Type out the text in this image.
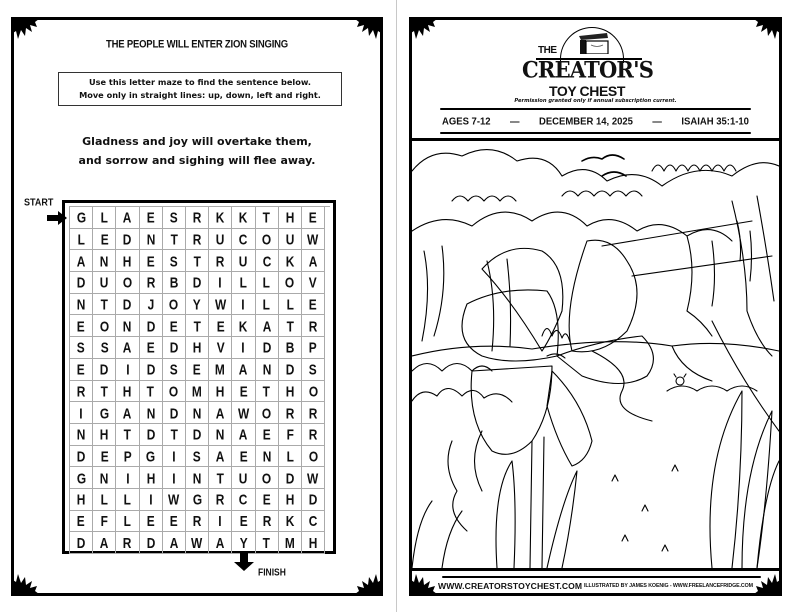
THE PEOPLE WILL ENTER ZION SINGING
Use this letter maze to find the sentence below.
Move only in straight lines: up, down, left and right.
Gladness and joy will overtake them,
and sorrow and sighing will flee away.
START
G L A E S R K K T H E
L E D N T R U C O U W
A N H E S T R U C K A
D U O R B D I L L O V
N T D J O Y W I L L E
E O N D E T E K A T R
S S A E D H V I D B P
E D I D S E M A N D S
R T H T O M H E T H O
I G A N D N A W O R R
N H T D T D N A E F R
D E P G I S A E N L O
G N I H I N T U O D W
H L L I W G R C E H D
E F L E E R I E R K C
D A R D A W A Y T M H
FINISH
THE
CREATOR'S
TOY CHEST
Permission granted only if annual subscription current.
AGES 7-12 — DECEMBER 14, 2025 — ISAIAH 35:1-10
WWW.CREATORSTOYCHEST.COM ILLUSTRATED BY JAMES KOENIG - WWW.FREELANCEFRIDGE.COM
